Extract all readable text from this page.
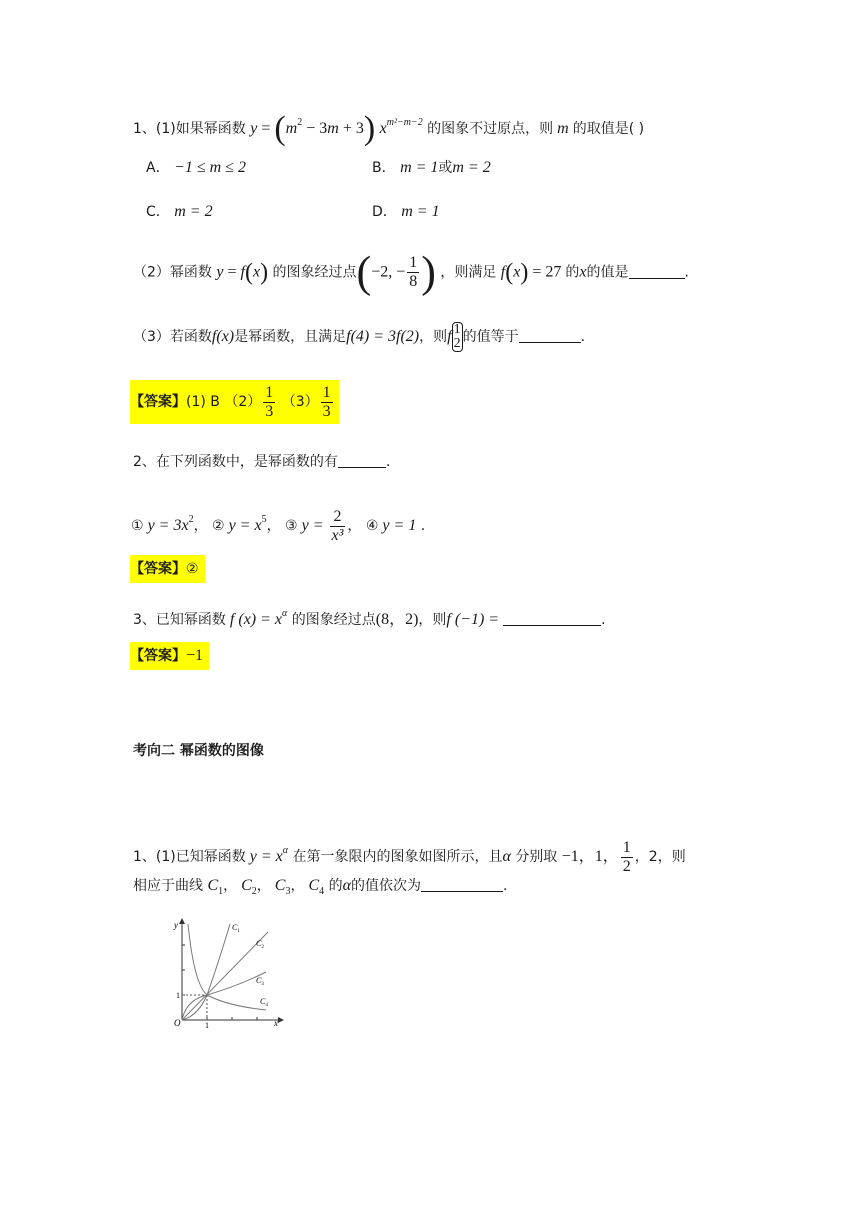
1、(1)如果幂函数 $y = (m^2 - 3m + 3)$ $x^{m^2-m-2}$ 的图象不过原点，则 m 的取值是( )
A． −1 ≤ m ≤ 2	B． m = 1或m = 2
C． m = 2	D． m = 1
（2）幂函数 y = f(x) 的图象经过点(−2, − $\frac{1}{8}$ ) ，则满足 f(x) = 27 的x的值是	.
（3）若函数f(x)是幂函数，且满足f(4) = 3f(2)，则f 1
2 的值等于	.
【答案】(1) B $(2) \frac{1}{3} (3) \frac{1}{3}$
2、在下列函数中，是幂函数的有	.
① $y = 3x^2$， ② $y = x^5$， ③ $y = \frac{2}{\text{x³}}$ ， ④ y = 1 .
【答案】②
3、已知幂函数 f $(x) = x^\alpha$ 的图象经过点(8，2)，则f (−1) =	.
【答案】−1
考向二 幂函数的图像
1、(1)已知幂函数 $y = x^\alpha$ 在第一象限内的图象如图所示，且α 分别取 −1，1， $\frac{1}{2}$ ，2，则
相应于曲线 $C_1$， $C_2$， $C_3$， $C_4$ 的α的值依次为	.
y
x
O	1
1
$C_1$
$C_2$
$C_3$
$C_4$
